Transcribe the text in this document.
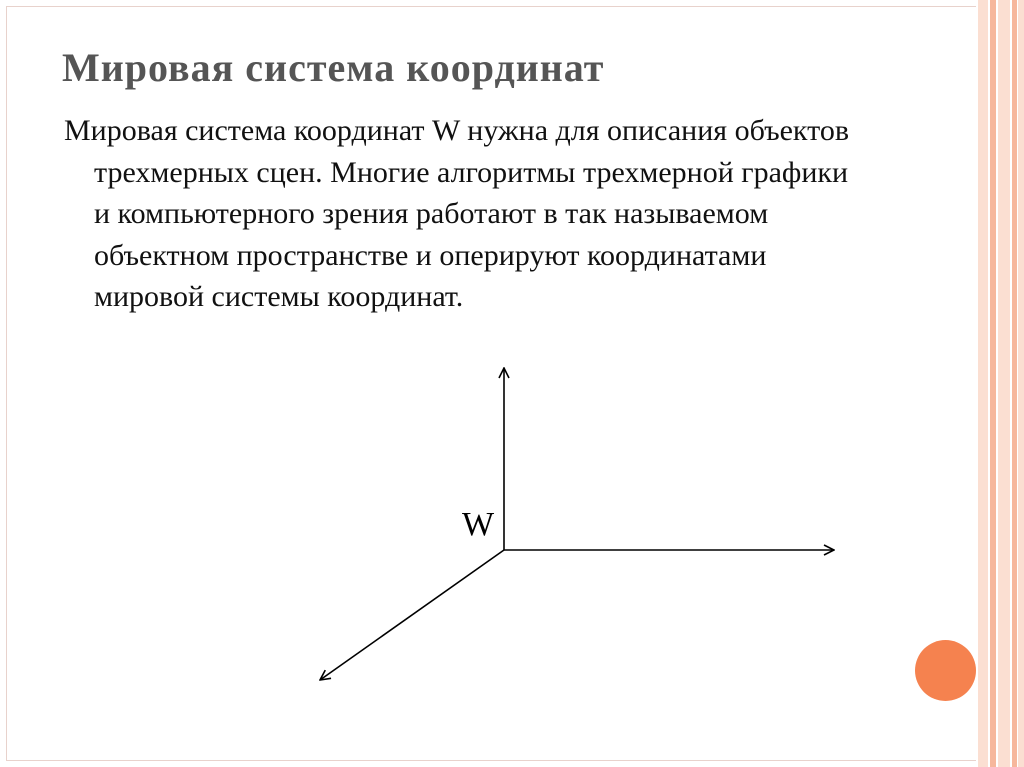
Мировая система координат

Мировая система координат W нужна для описания объектов трехмерных сцен. Многие алгоритмы трехмерной графики и компьютерного зрения работают в так называемом объектном пространстве и оперируют координатами мировой системы координат.

W
